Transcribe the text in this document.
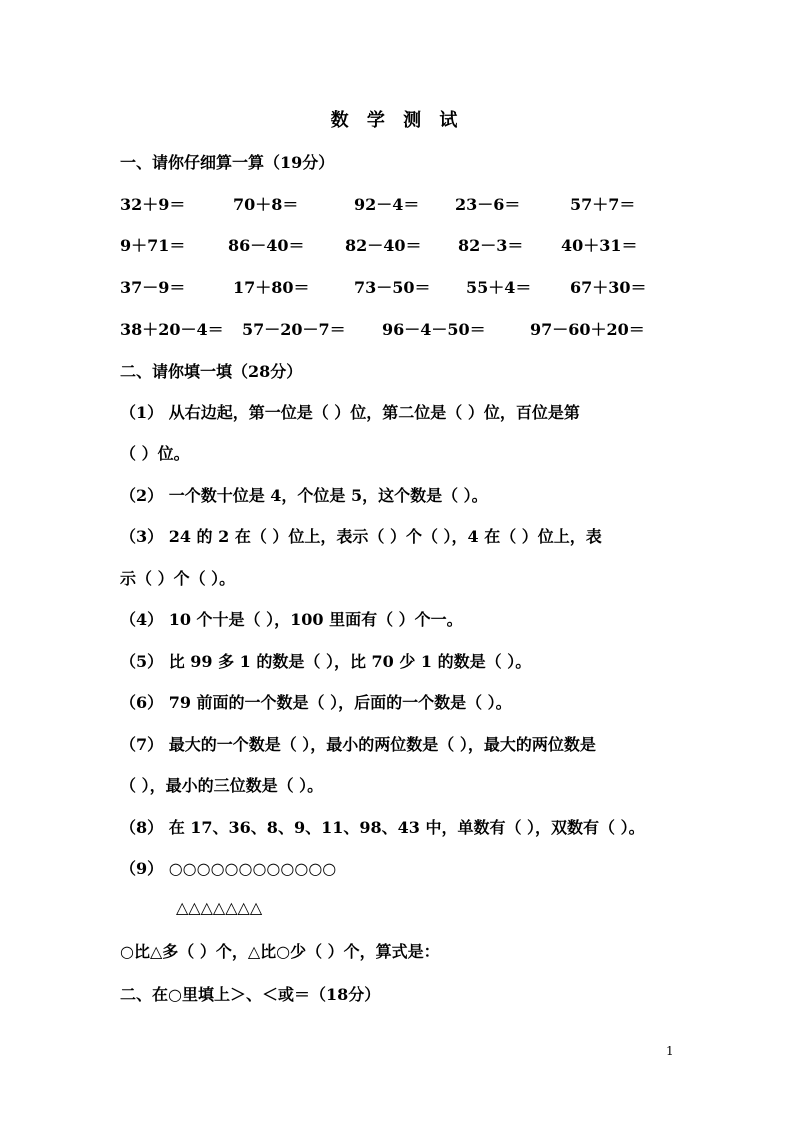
数 学 测 试
一、请你仔细算一算（19分）
32＋9＝	70＋8＝	92－4＝ 23－6＝	57＋7＝
9＋71＝	86－40＝	82－40＝ 82－3＝ 40＋31＝
37－9＝	17＋80＝	73－50＝ 55＋4＝ 67＋30＝
38＋20－4＝ 57－20－7＝ 96－4－50＝	97－60＋20＝
二、请你填一填（28分）
（1） 从右边起，第一位是（ ）位，第二位是（ ）位，百位是第
（ ）位。
（2） 一个数十位是 4，个位是 5，这个数是（ ）。
（3） 24 的 2 在（ ）位上，表示（ ）个（ ），4 在（ ）位上，表
示（ ）个（ ）。
（4） 10 个十是（ ），100 里面有（ ）个一。
（5） 比 99 多 1 的数是（ ），比 70 少 1 的数是（ ）。
（6） 79 前面的一个数是（ ），后面的一个数是（ ）。
（7） 最大的一个数是（ ），最小的两位数是（ ），最大的两位数是
（ ），最小的三位数是（ ）。
（8） 在 17、36、8、9、11、98、43 中，单数有（ ），双数有（ ）。
（9） ○○○○○○○○○○○○
△△△△△△△
○比△多（ ）个，△比○少（ ）个，算式是：
二、在○里填上＞、＜或＝（18分）
1
